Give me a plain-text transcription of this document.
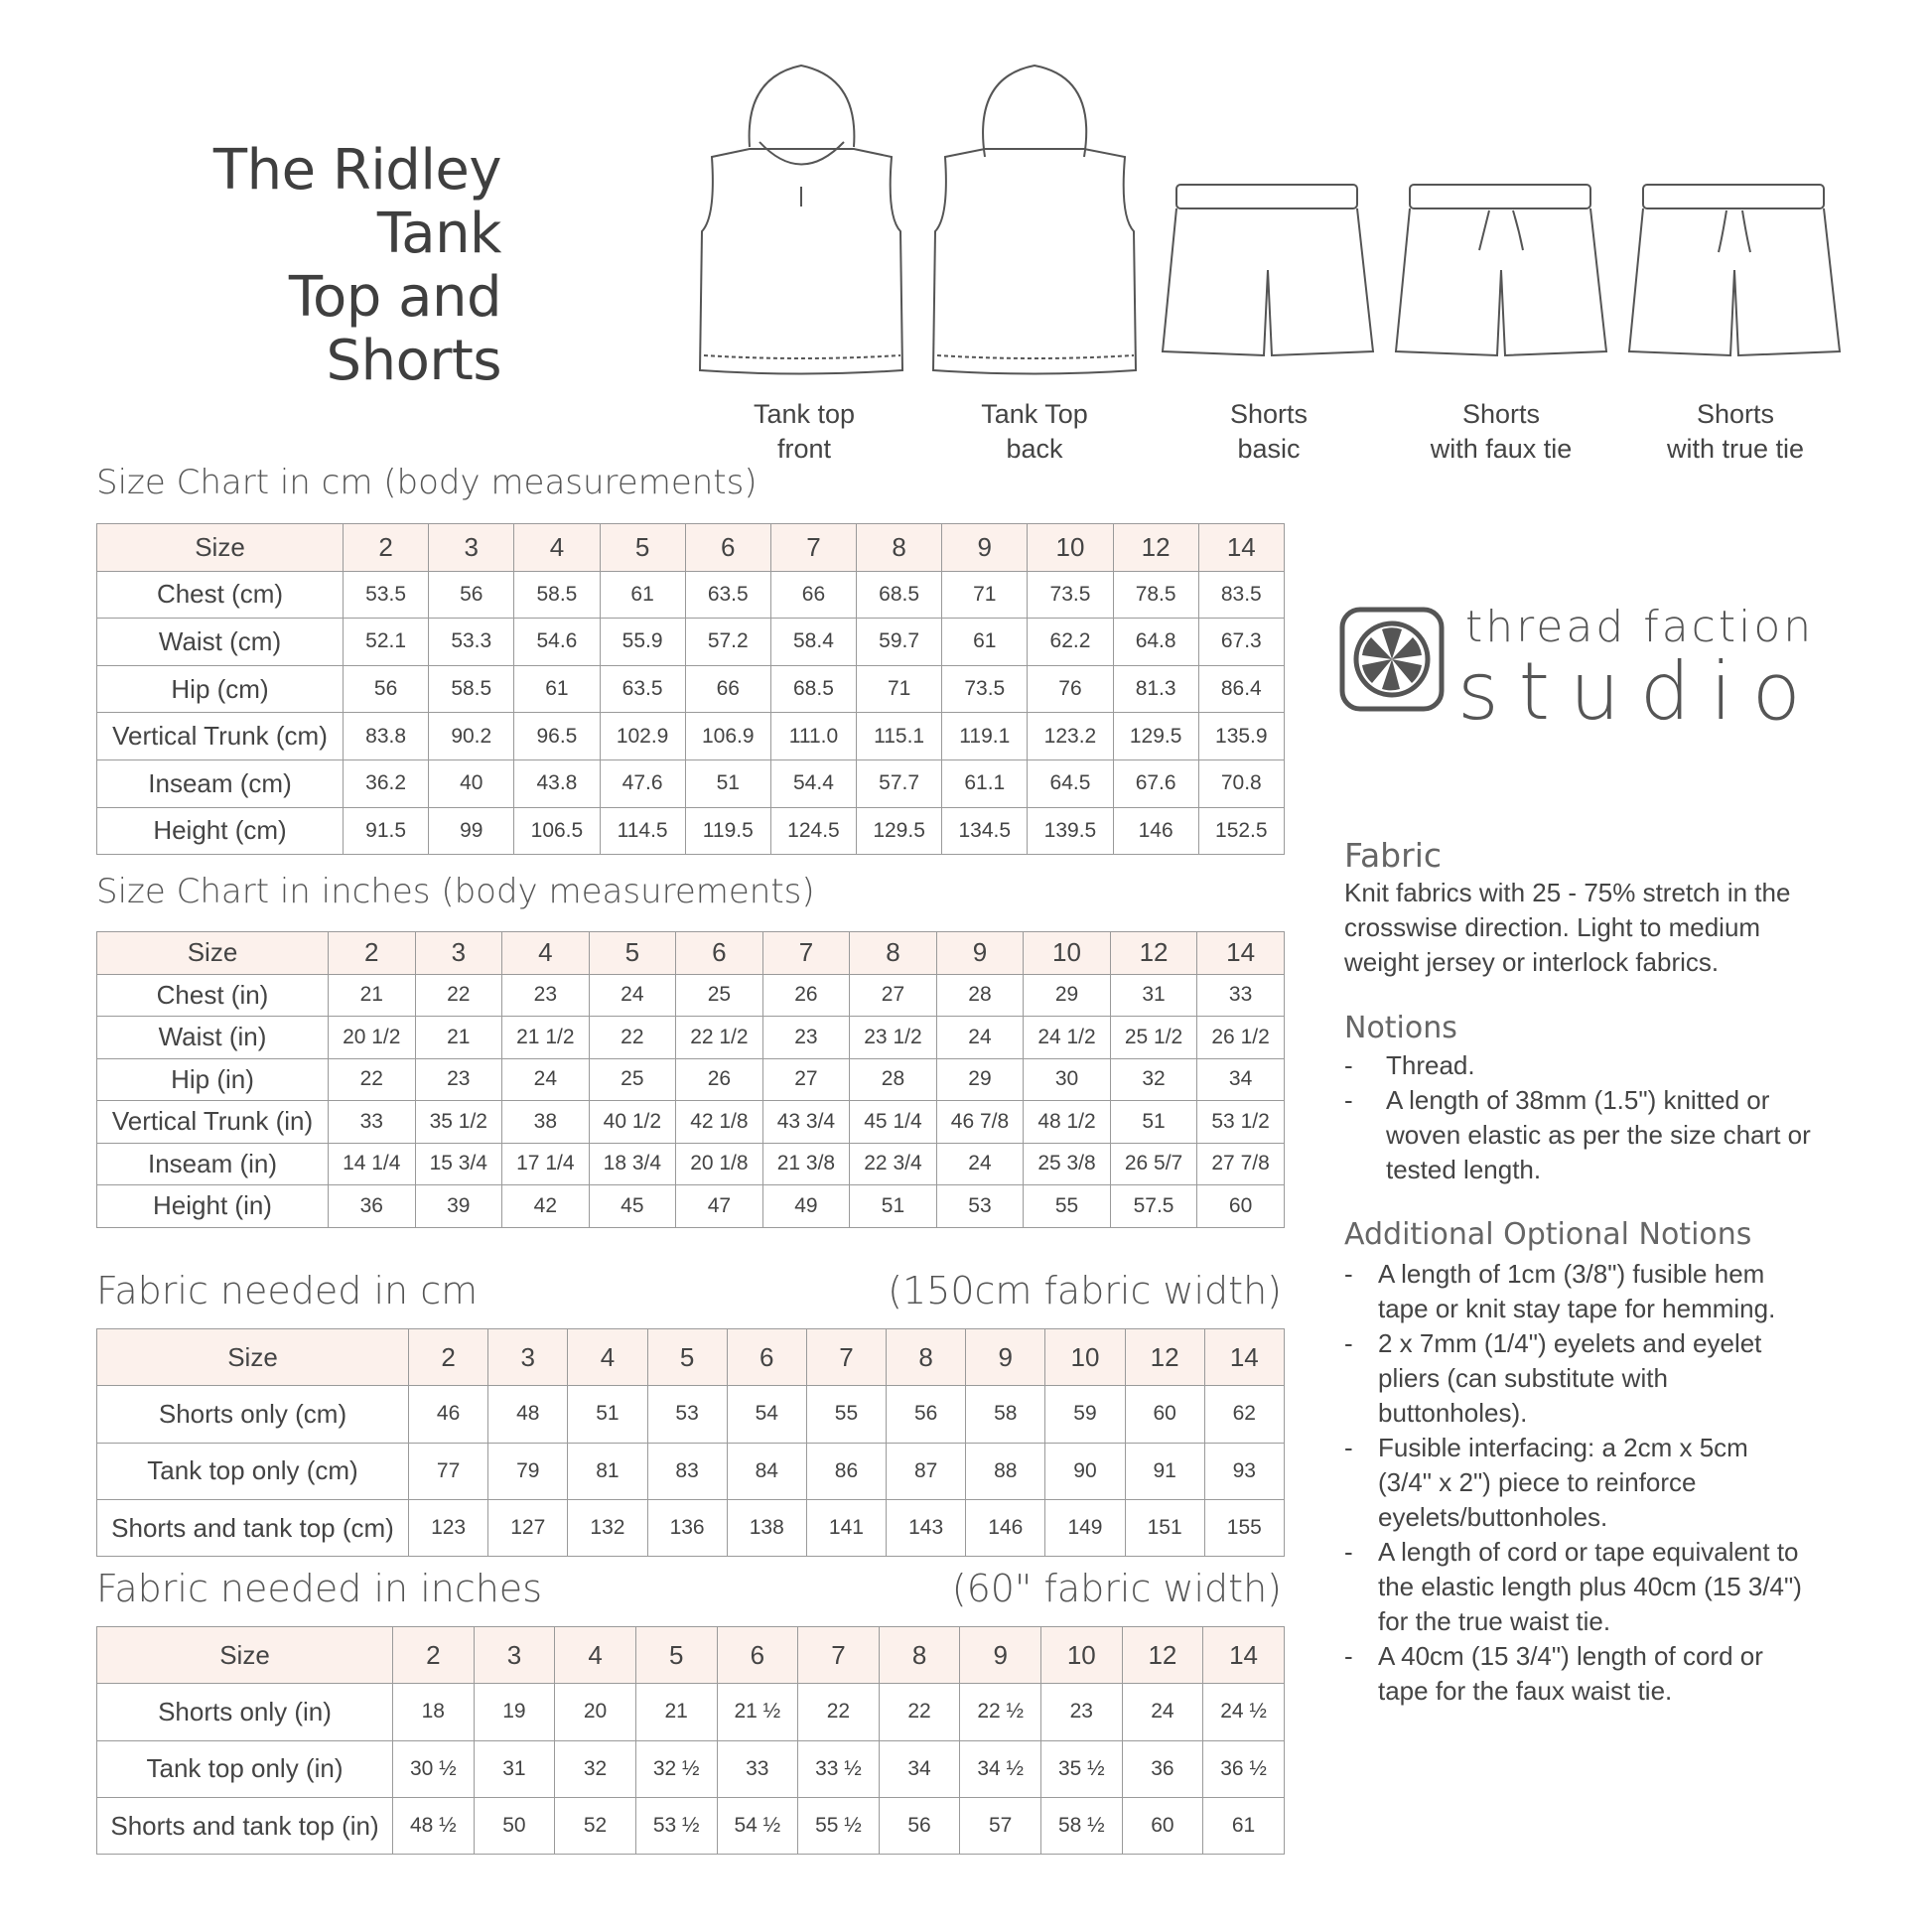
The Ridley Tank
Top and Shorts
Tank top
front
Tank Top
back
Shorts
basic
Shorts
with faux tie
Shorts
with true tie
Size Chart in cm (body measurements)
Size Chart in inches (body measurements)
Fabric needed in cm	(150cm fabric width)
Fabric needed in inches	(60" fabric width)
Size	2	3	4	5	6	7	8	9	10	12	14
Chest (cm)	53.5	56	58.5	61	63.5	66	68.5	71	73.5	78.5	83.5
Waist (cm)	52.1	53.3	54.6	55.9	57.2	58.4	59.7	61	62.2	64.8	67.3
Hip (cm)	56	58.5	61	63.5	66	68.5	71	73.5	76	81.3	86.4
Vertical Trunk (cm)	83.8	90.2	96.5	102.9	106.9	111.0	115.1	119.1	123.2	129.5	135.9
Inseam (cm)	36.2	40	43.8	47.6	51	54.4	57.7	61.1	64.5	67.6	70.8
Height (cm)	91.5	99	106.5	114.5	119.5	124.5	129.5	134.5	139.5	146	152.5
Size	2	3	4	5	6	7	8	9	10	12	14
Chest (in)	21	22	23	24	25	26	27	28	29	31	33
Waist (in)	20 1/2	21	21 1/2	22	22 1/2	23	23 1/2	24	24 1/2	25 1/2	26 1/2
Hip (in)	22	23	24	25	26	27	28	29	30	32	34
Vertical Trunk (in)	33	35 1/2	38	40 1/2	42 1/8	43 3/4	45 1/4	46 7/8	48 1/2	51	53 1/2
Inseam (in)	14 1/4	15 3/4	17 1/4	18 3/4	20 1/8	21 3/8	22 3/4	24	25 3/8	26 5/7	27 7/8
Height (in)	36	39	42	45	47	49	51	53	55	57.5	60
Size	2	3	4	5	6	7	8	9	10	12	14
Shorts only (cm)	46	48	51	53	54	55	56	58	59	60	62
Tank top only (cm)	77	79	81	83	84	86	87	88	90	91	93
Shorts and tank top (cm)	123	127	132	136	138	141	143	146	149	151	155
Size	2	3	4	5	6	7	8	9	10	12	14
Shorts only (in)	18	19	20	21	21 ½	22	22	22 ½	23	24	24 ½
Tank top only (in)	30 ½	31	32	32 ½	33	33 ½	34	34 ½	35 ½	36	36 ½
Shorts and tank top (in)	48 ½	50	52	53 ½	54 ½	55 ½	56	57	58 ½	60	61
thread faction
studio
Fabric
Knit fabrics with 25 - 75% stretch in the
crosswise direction. Light to medium
weight jersey or interlock fabrics.
Notions
- Thread.
- A length of 38mm (1.5") knitted or
woven elastic as per the size chart or
tested length.
Additional Optional Notions
- A length of 1cm (3/8") fusible hem
tape or knit stay tape for hemming.
- 2 x 7mm (1/4") eyelets and eyelet
pliers (can substitute with
buttonholes).
- Fusible interfacing: a 2cm x 5cm
(3/4" x 2") piece to reinforce
eyelets/buttonholes.
- A length of cord or tape equivalent to
the elastic length plus 40cm (15 3/4")
for the true waist tie.
- A 40cm (15 3/4") length of cord or
tape for the faux waist tie.
